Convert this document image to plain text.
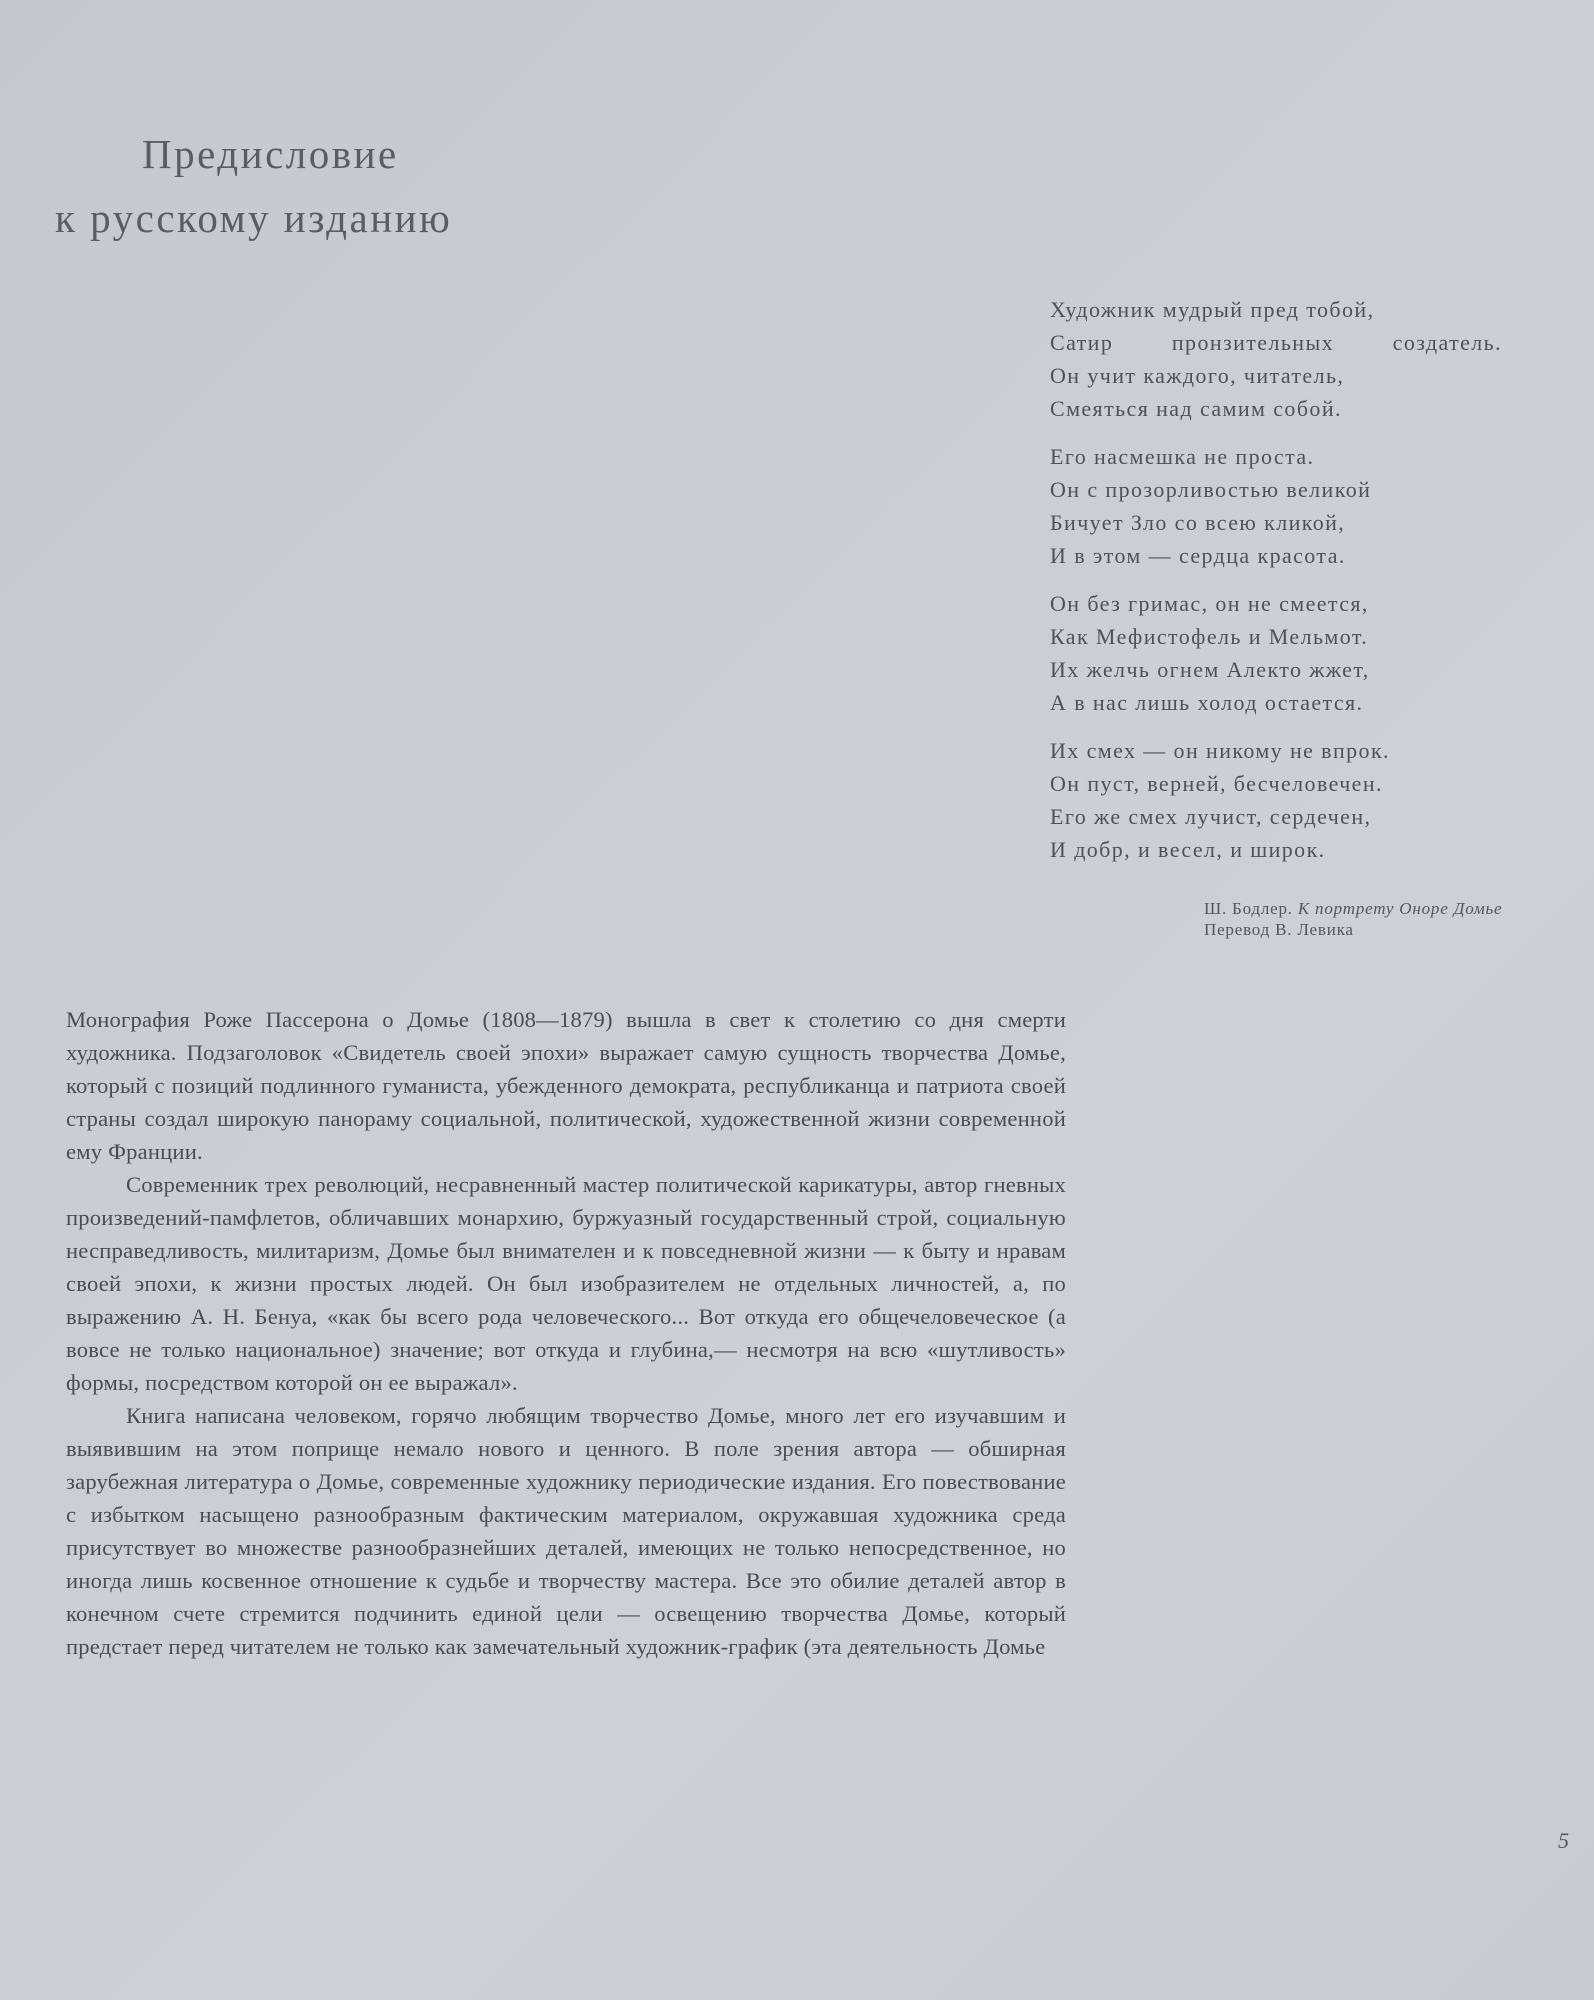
Предисловие
к русскому изданию
Художник мудрый пред тобой,
Сатир пронзительных создатель.
Он учит каждого, читатель,
Смеяться над самим собой.
Его насмешка не проста.
Он с прозорливостью великой
Бичует Зло со всею кликой,
И в этом — сердца красота.
Он без гримас, он не смеется,
Как Мефистофель и Мельмот.
Их желчь огнем Алекто жжет,
А в нас лишь холод остается.
Их смех — он никому не впрок.
Он пуст, верней, бесчеловечен.
Его же смех лучист, сердечен,
И добр, и весел, и широк.
Ш. Бодлер. К портрету Оноре Домье
Перевод В. Левика

Монография Роже Пассерона о Домье (1808—1879) вышла в свет к столетию со дня смерти художника. Подзаголовок «Свидетель своей эпохи» выражает самую сущность творчества Домье, который с позиций подлинного гуманиста, убежденного демократа, республиканца и патриота своей страны создал широкую панораму социальной, политической, художественной жизни современной ему Франции.

Современник трех революций, несравненный мастер политической карикатуры, автор гневных произведений-памфлетов, обличавших монархию, буржуазный государственный строй, социальную несправедливость, милитаризм, Домье был внимателен и к повседневной жизни — к быту и нравам своей эпохи, к жизни простых людей. Он был изобразителем не отдельных личностей, а, по выражению А. Н. Бенуа, «как бы всего рода человеческого... Вот откуда его общечеловеческое (а вовсе не только национальное) значение; вот откуда и глубина,— несмотря на всю «шутливость» формы, посредством которой он ее выражал».

Книга написана человеком, горячо любящим творчество Домье, много лет его изучавшим и выявившим на этом поприще немало нового и ценного. В поле зрения автора — обширная зарубежная литература о Домье, современные художнику периодические издания. Его повествование с избытком насыщено разнообразным фактическим материалом, окружавшая художника среда присутствует во множестве разнообразнейших деталей, имеющих не только непосредственное, но иногда лишь косвенное отношение к судьбе и творчеству мастера. Все это обилие деталей автор в конечном счете стремится подчинить единой цели — освещению творчества Домье, который предстает перед читателем не только как замечательный художник-график (эта деятельность Домье

5
